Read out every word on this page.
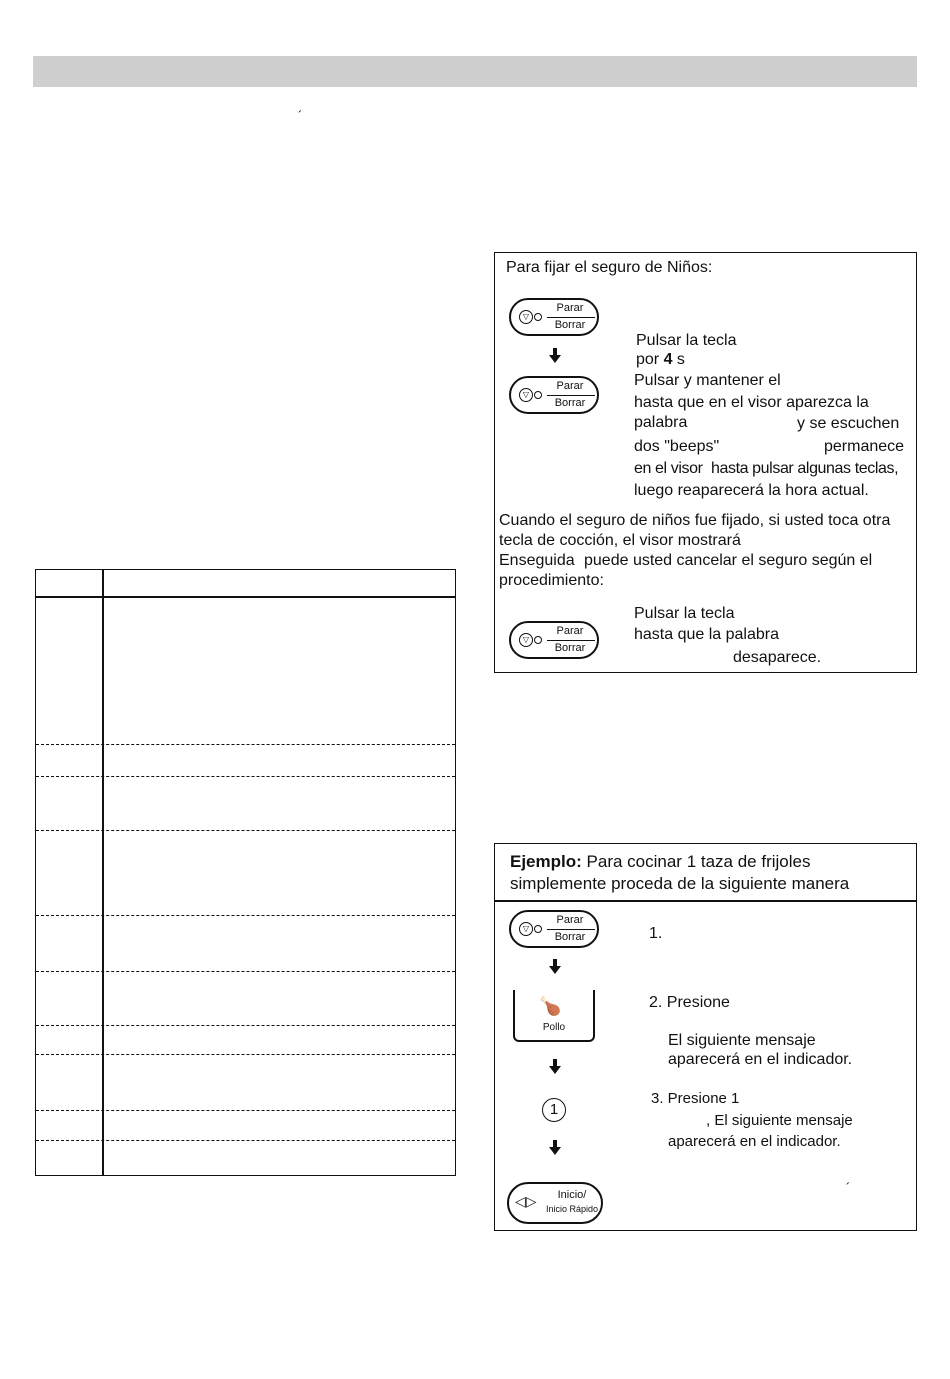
´
Para fijar el seguro de Niños:
▽
Parar
Borrar
Pulsar la tecla
por 4 s
▽
Parar
Borrar
Pulsar y mantener el
hasta que en el visor aparezca la
palabra	y se escuchen
dos "beeps"	permanece
en el visor hasta pulsar algunas teclas,
luego reaparecerá la hora actual.
Cuando el seguro de niños fue fijado, si usted toca otra
tecla de cocción, el visor mostrará
Enseguida puede usted cancelar el seguro según el
procedimiento:
Pulsar la tecla
hasta que la palabra
▽
Parar
Borrar
desaparece.
Ejemplo: Para cocinar 1 taza de frijoles
simplemente proceda de la siguiente manera
▽
Parar
Borrar	1.
🍗
Pollo
2. Presione
El siguiente mensaje
aparecerá en el indicador.
3. Presione 1
1
, El siguiente mensaje
aparecerá en el indicador.
◁▷	Inicio/
Inicio Rápido
´
